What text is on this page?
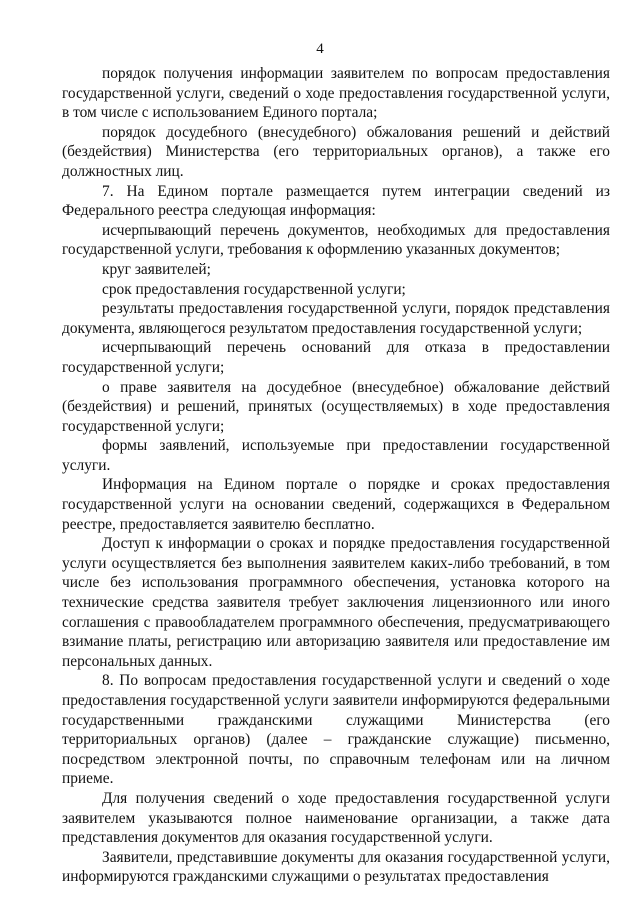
4

порядок получения информации заявителем по вопросам предоставления государственной услуги, сведений о ходе предоставления государственной услуги, в том числе с использованием Единого портала;

порядок досудебного (внесудебного) обжалования решений и действий (бездействия) Министерства (его территориальных органов), а также его должностных лиц.

7. На Едином портале размещается путем интеграции сведений из Федерального реестра следующая информация:

исчерпывающий перечень документов, необходимых для предоставления государственной услуги, требования к оформлению указанных документов;

круг заявителей;

срок предоставления государственной услуги;

результаты предоставления государственной услуги, порядок представления документа, являющегося результатом предоставления государственной услуги;

исчерпывающий перечень оснований для отказа в предоставлении государственной услуги;

о праве заявителя на досудебное (внесудебное) обжалование действий (бездействия) и решений, принятых (осуществляемых) в ходе предоставления государственной услуги;

формы заявлений, используемые при предоставлении государственной услуги.

Информация на Едином портале о порядке и сроках предоставления государственной услуги на основании сведений, содержащихся в Федеральном реестре, предоставляется заявителю бесплатно.

Доступ к информации о сроках и порядке предоставления государственной услуги осуществляется без выполнения заявителем каких-либо требований, в том числе без использования программного обеспечения, установка которого на технические средства заявителя требует заключения лицензионного или иного соглашения с правообладателем программного обеспечения, предусматривающего взимание платы, регистрацию или авторизацию заявителя или предоставление им персональных данных.

8. По вопросам предоставления государственной услуги и сведений о ходе предоставления государственной услуги заявители информируются федеральными государственными гражданскими служащими Министерства (его территориальных органов) (далее – гражданские служащие) письменно, посредством электронной почты, по справочным телефонам или на личном приеме.

Для получения сведений о ходе предоставления государственной услуги заявителем указываются полное наименование организации, а также дата представления документов для оказания государственной услуги.

Заявители, представившие документы для оказания государственной услуги, информируются гражданскими служащими о результатах предоставления
